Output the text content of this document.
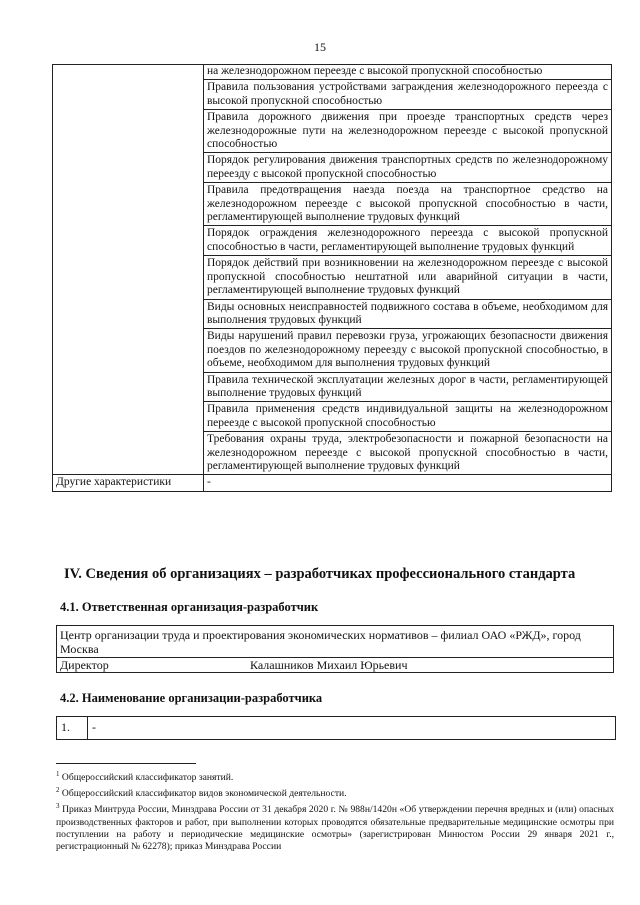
15
	на железнодорожном переезде с высокой пропускной способностью
	Правила пользования устройствами заграждения железнодорожного переезда с высокой пропускной способностью
	Правила дорожного движения при проезде транспортных средств через железнодорожные пути на железнодорожном переезде с высокой пропускной способностью
	Порядок регулирования движения транспортных средств по железнодорожному переезду с высокой пропускной способностью
	Правила предотвращения наезда поезда на транспортное средство на железнодорожном переезде с высокой пропускной способностью в части, регламентирующей выполнение трудовых функций
	Порядок ограждения железнодорожного переезда с высокой пропускной способностью в части, регламентирующей выполнение трудовых функций
	Порядок действий при возникновении на железнодорожном переезде с высокой пропускной способностью нештатной или аварийной ситуации в части, регламентирующей выполнение трудовых функций
	Виды основных неисправностей подвижного состава в объеме, необходимом для выполнения трудовых функций
	Виды нарушений правил перевозки груза, угрожающих безопасности движения поездов по железнодорожному переезду с высокой пропускной способностью, в объеме, необходимом для выполнения трудовых функций
	Правила технической эксплуатации железных дорог в части, регламентирующей выполнение трудовых функций
	Правила применения средств индивидуальной защиты на железнодорожном переезде с высокой пропускной способностью
	Требования охраны труда, электробезопасности и пожарной безопасности на железнодорожном переезде с высокой пропускной способностью в части, регламентирующей выполнение трудовых функций
Другие характеристики	-
IV. Сведения об организациях – разработчиках профессионального стандарта
4.1. Ответственная организация-разработчик
Центр организации труда и проектирования экономических нормативов – филиал ОАО «РЖД», город Москва
Директор	Калашников Михаил Юрьевич
4.2. Наименование организации-разработчика
1.	-

$^1$ Общероссийский классификатор занятий.

$^2$ Общероссийский классификатор видов экономической деятельности.

$^3$ Приказ Минтруда России, Минздрава России от 31 декабря 2020 г. № 988н/1420н «Об утверждении перечня вредных и (или) опасных производственных факторов и работ, при выполнении которых проводятся обязательные предварительные медицинские осмотры при поступлении на работу и периодические медицинские осмотры» (зарегистрирован Минюстом России 29 января 2021 г., регистрационный № 62278); приказ Минздрава России
